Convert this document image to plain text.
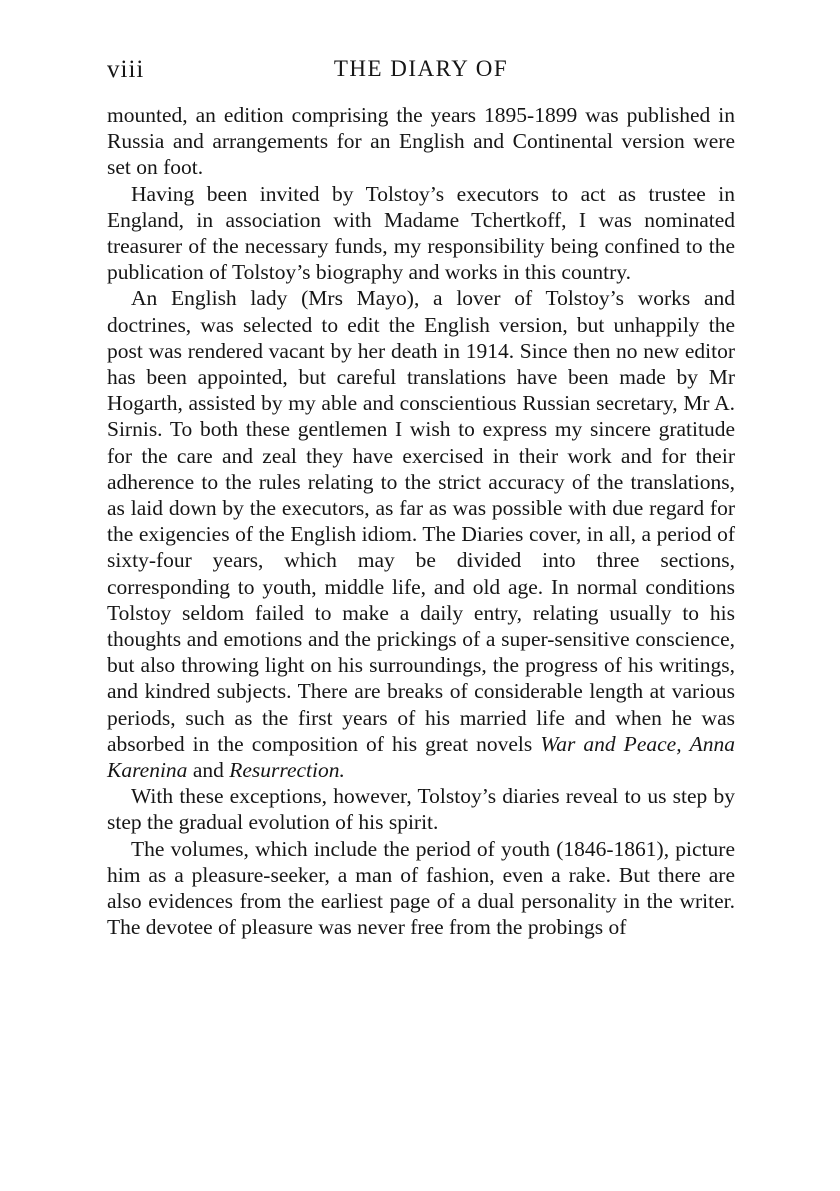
viii	THE DIARY OF

mounted, an edition comprising the years 1895-1899 was published in Russia and arrangements for an English and Continental version were set on foot.

Having been invited by Tolstoy’s executors to act as trustee in England, in association with Madame Tchertkoff, I was nominated treasurer of the necessary funds, my responsibility being confined to the publication of Tolstoy’s biography and works in this country.

An English lady (Mrs Mayo), a lover of Tolstoy’s works and doctrines, was selected to edit the English version, but unhappily the post was rendered vacant by her death in 1914. Since then no new editor has been appointed, but careful translations have been made by Mr Hogarth, assisted by my able and conscientious Russian secretary, Mr A. Sirnis. To both these gentlemen I wish to express my sincere gratitude for the care and zeal they have exercised in their work and for their adherence to the rules relating to the strict accuracy of the translations, as laid down by the executors, as far as was possible with due regard for the exigencies of the English idiom. The Diaries cover, in all, a period of sixty-four years, which may be divided into three sections, corresponding to youth, middle life, and old age. In normal conditions Tolstoy seldom failed to make a daily entry, relating usually to his thoughts and emotions and the prickings of a super-sensitive conscience, but also throwing light on his surroundings, the progress of his writings, and kindred subjects. There are breaks of considerable length at various periods, such as the first years of his married life and when he was absorbed in the composition of his great novels War and Peace, Anna Karenina and Resurrection.

With these exceptions, however, Tolstoy’s diaries reveal to us step by step the gradual evolution of his spirit.

The volumes, which include the period of youth (1846-1861), picture him as a pleasure-seeker, a man of fashion, even a rake. But there are also evidences from the earliest page of a dual personality in the writer. The devotee of pleasure was never free from the probings of
